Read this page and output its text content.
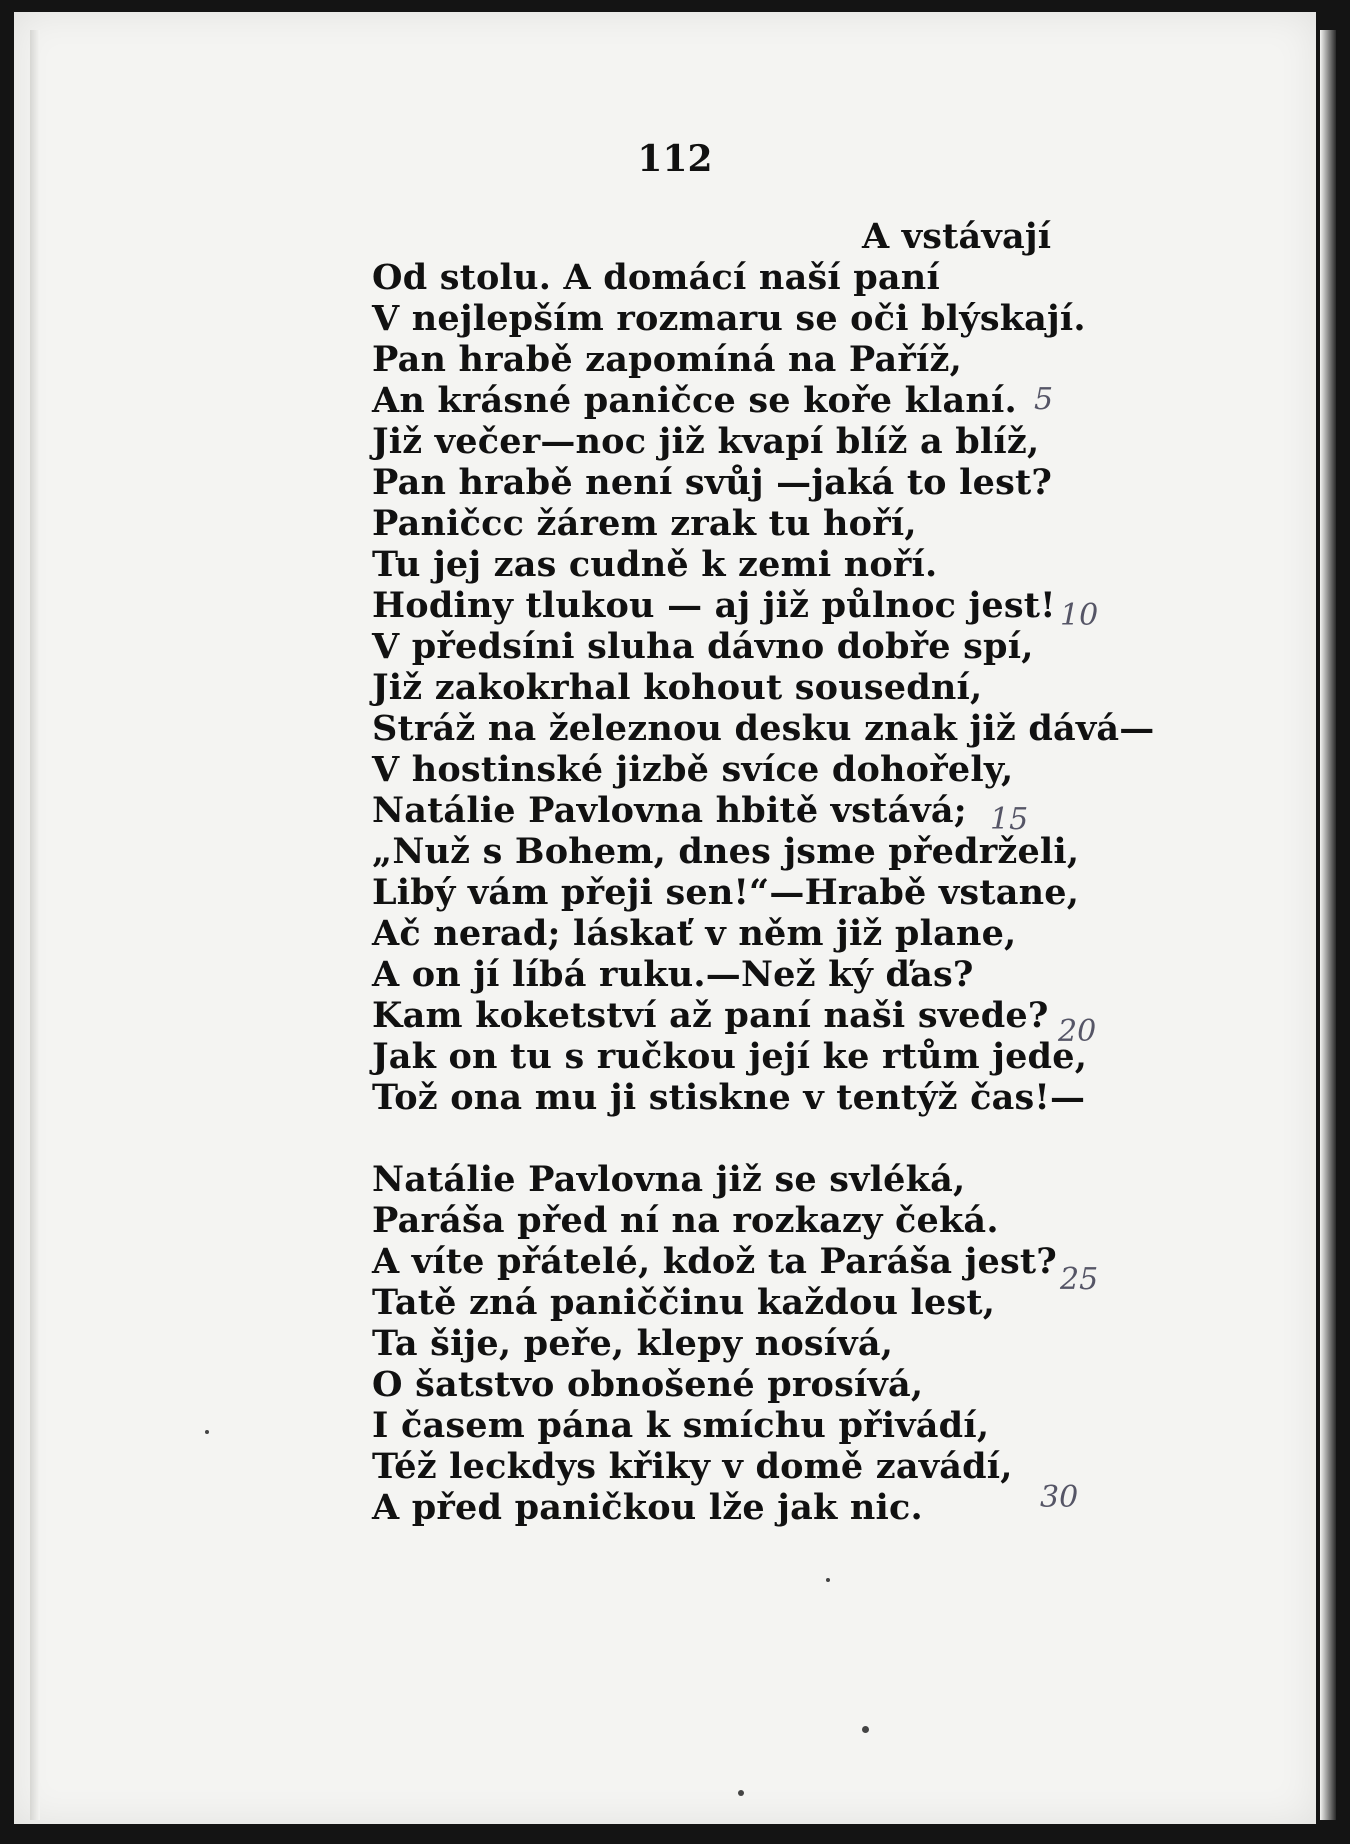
112
A vstávají
Od stolu. A domácí naší paní
V nejlepším rozmaru se oči blýskají.
Pan hrabě zapomíná na Paříž,
An krásné paničce se koře klaní.
Již večer—noc již kvapí blíž a blíž,
Pan hrabě není svůj —jaká to lest?
Paničcc žárem zrak tu hoří,
Tu jej zas cudně k zemi noří.
Hodiny tlukou — aj již půlnoc jest!
V předsíni sluha dávno dobře spí,
Již zakokrhal kohout sousední,
Stráž na železnou desku znak již dává—
V hostinské jizbě svíce dohořely,
Natálie Pavlovna hbitě vstává;
„Nuž s Bohem, dnes jsme předrželi,
Libý vám přeji sen!“—Hrabě vstane,
Ač nerad; láskať v něm již plane,
A on jí líbá ruku.—Než ký ďas?
Kam koketství až paní naši svede?
Jak on tu s ručkou její ke rtům jede,
Tož ona mu ji stiskne v tentýž čas!—
Natálie Pavlovna již se svléká,
Paráša před ní na rozkazy čeká.
A víte přátelé, kdož ta Paráša jest?
Tatě zná paniččinu každou lest,
Ta šije, peře, klepy nosívá,
O šatstvo obnošené prosívá,
I časem pána k smíchu přivádí,
Též leckdys křiky v domě zavádí,
A před paničkou lže jak nic.
5
10
15
20
25
30
